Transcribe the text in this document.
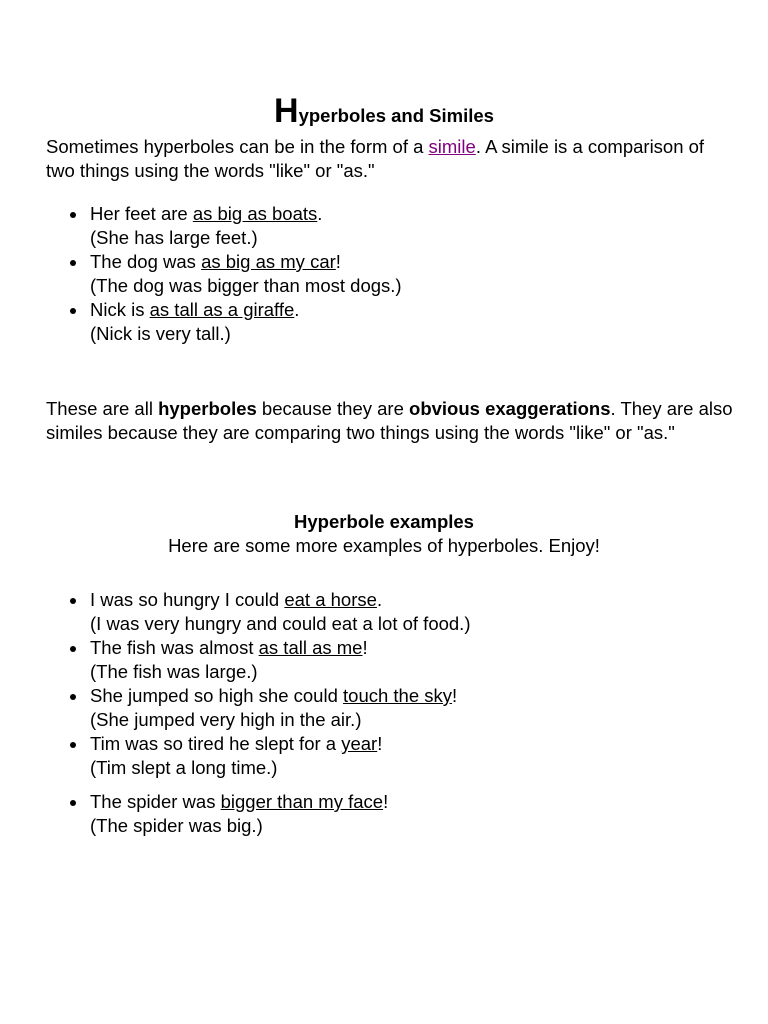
Hyperboles and Similes

Sometimes hyperboles can be in the form of a simile. A simile is a comparison of two things using the words "like" or "as."

Her feet are as big as boats.
(She has large feet.)
The dog was as big as my car!
(The dog was bigger than most dogs.)
Nick is as tall as a giraffe.
(Nick is very tall.)

These are all hyperboles because they are obvious exaggerations. They are also similes because they are comparing two things using the words "like" or "as."

Hyperbole examples
Here are some more examples of hyperboles. Enjoy!
I was so hungry I could eat a horse.
(I was very hungry and could eat a lot of food.)
The fish was almost as tall as me!
(The fish was large.)
She jumped so high she could touch the sky!
(She jumped very high in the air.)
Tim was so tired he slept for a year!
(Tim slept a long time.)
The spider was bigger than my face!
(The spider was big.)
